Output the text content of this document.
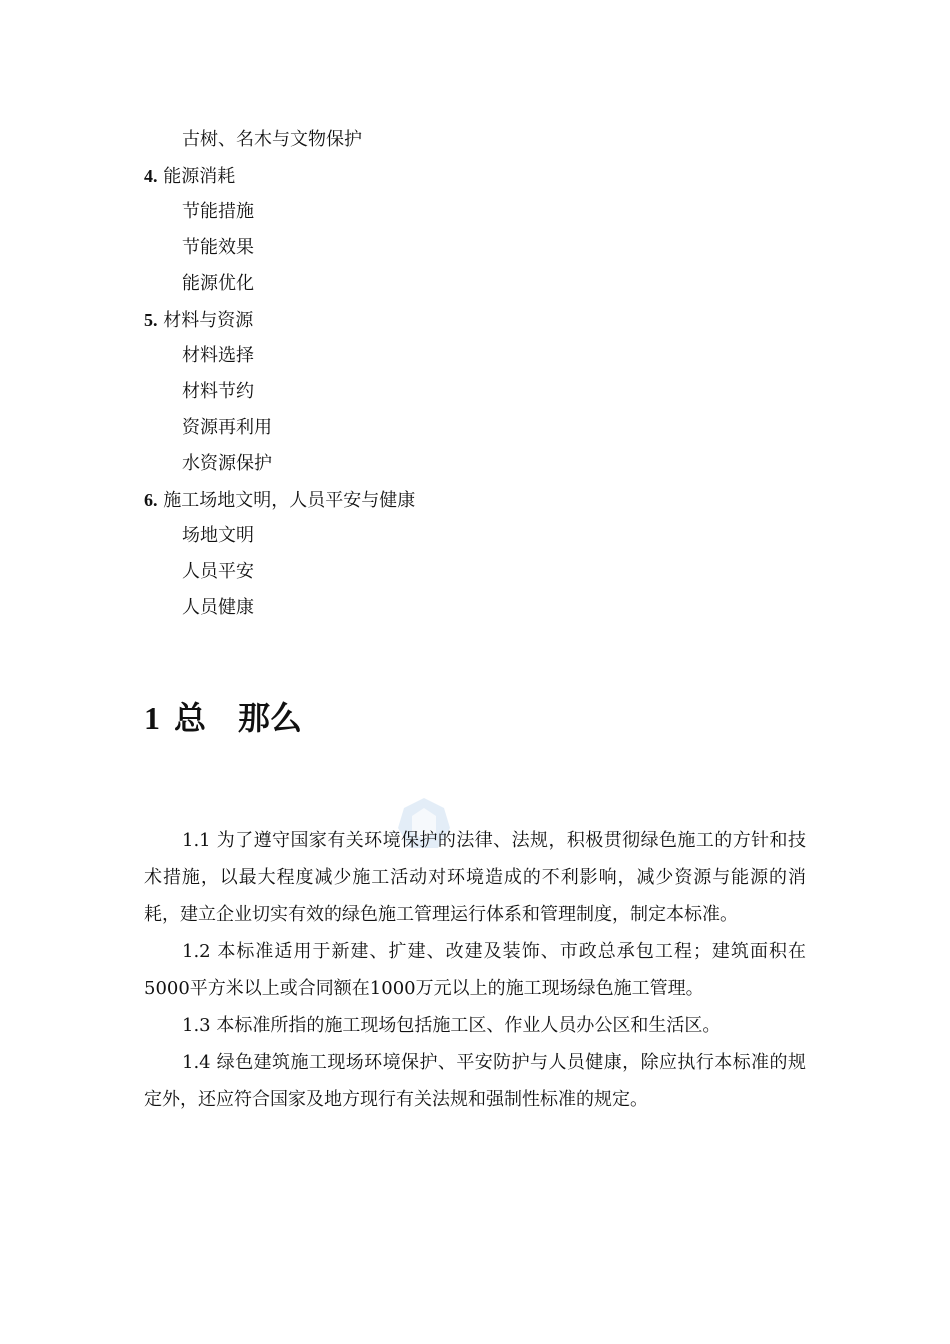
古树、名木与文物保护
4. 能源消耗
节能措施
节能效果
能源优化
5. 材料与资源
材料选择
材料节约
资源再利用
水资源保护
6. 施工场地文明，人员平安与健康
场地文明
人员平安
人员健康
1 总　那么

1.1 为了遵守国家有关环境保护的法律、法规，积极贯彻绿色施工的方针和技术措施，以最大程度减少施工活动对环境造成的不利影响，减少资源与能源的消耗，建立企业切实有效的绿色施工管理运行体系和管理制度，制定本标准。

1.2 本标准适用于新建、扩建、改建及装饰、市政总承包工程；建筑面积在5000平方米以上或合同额在1000万元以上的施工现场绿色施工管理。

1.3 本标准所指的施工现场包括施工区、作业人员办公区和生活区。

1.4 绿色建筑施工现场环境保护、平安防护与人员健康，除应执行本标准的规定外，还应符合国家及地方现行有关法规和强制性标准的规定。
